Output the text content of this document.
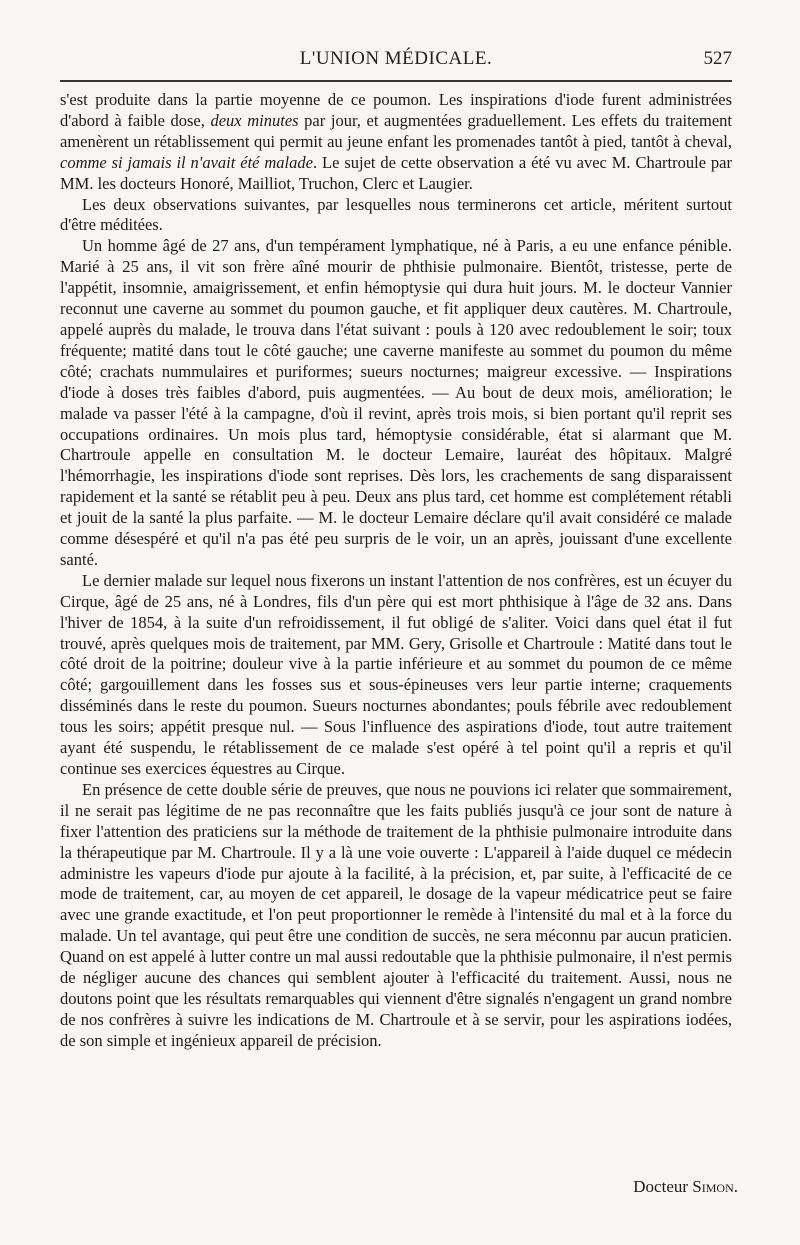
L'UNION MÉDICALE.	527

s'est produite dans la partie moyenne de ce poumon. Les inspirations d'iode furent administrées d'abord à faible dose, deux minutes par jour, et augmentées graduellement. Les effets du traitement amenèrent un rétablissement qui permit au jeune enfant les promenades tantôt à pied, tantôt à cheval, comme si jamais il n'avait été malade. Le sujet de cette observation a été vu avec M. Chartroule par MM. les docteurs Honoré, Mailliot, Truchon, Clerc et Laugier.

Les deux observations suivantes, par lesquelles nous terminerons cet article, méritent surtout d'être méditées.

Un homme âgé de 27 ans, d'un tempérament lymphatique, né à Paris, a eu une enfance pénible. Marié à 25 ans, il vit son frère aîné mourir de phthisie pulmonaire. Bientôt, tristesse, perte de l'appétit, insomnie, amaigrissement, et enfin hémoptysie qui dura huit jours. M. le docteur Vannier reconnut une caverne au sommet du poumon gauche, et fit appliquer deux cautères. M. Chartroule, appelé auprès du malade, le trouva dans l'état suivant : pouls à 120 avec redoublement le soir; toux fréquente; matité dans tout le côté gauche; une caverne manifeste au sommet du poumon du même côté; crachats nummulaires et puriformes; sueurs nocturnes; maigreur excessive. — Inspirations d'iode à doses très faibles d'abord, puis augmentées. — Au bout de deux mois, amélioration; le malade va passer l'été à la campagne, d'où il revint, après trois mois, si bien portant qu'il reprit ses occupations ordinaires. Un mois plus tard, hémoptysie considérable, état si alarmant que M. Chartroule appelle en consultation M. le docteur Lemaire, lauréat des hôpitaux. Malgré l'hémorrhagie, les inspirations d'iode sont reprises. Dès lors, les crachements de sang disparaissent rapidement et la santé se rétablit peu à peu. Deux ans plus tard, cet homme est complétement rétabli et jouit de la santé la plus parfaite. — M. le docteur Lemaire déclare qu'il avait considéré ce malade comme désespéré et qu'il n'a pas été peu surpris de le voir, un an après, jouissant d'une excellente santé.

Le dernier malade sur lequel nous fixerons un instant l'attention de nos confrères, est un écuyer du Cirque, âgé de 25 ans, né à Londres, fils d'un père qui est mort phthisique à l'âge de 32 ans. Dans l'hiver de 1854, à la suite d'un refroidissement, il fut obligé de s'aliter. Voici dans quel état il fut trouvé, après quelques mois de traitement, par MM. Gery, Grisolle et Chartroule : Matité dans tout le côté droit de la poitrine; douleur vive à la partie inférieure et au sommet du poumon de ce même côté; gargouillement dans les fosses sus et sous-épineuses vers leur partie interne; craquements disséminés dans le reste du poumon. Sueurs nocturnes abondantes; pouls fébrile avec redoublement tous les soirs; appétit presque nul. — Sous l'influence des aspirations d'iode, tout autre traitement ayant été suspendu, le rétablissement de ce malade s'est opéré à tel point qu'il a repris et qu'il continue ses exercices équestres au Cirque.

En présence de cette double série de preuves, que nous ne pouvions ici relater que sommairement, il ne serait pas légitime de ne pas reconnaître que les faits publiés jusqu'à ce jour sont de nature à fixer l'attention des praticiens sur la méthode de traitement de la phthisie pulmonaire introduite dans la thérapeutique par M. Chartroule. Il y a là une voie ouverte : L'appareil à l'aide duquel ce médecin administre les vapeurs d'iode pur ajoute à la facilité, à la précision, et, par suite, à l'efficacité de ce mode de traitement, car, au moyen de cet appareil, le dosage de la vapeur médicatrice peut se faire avec une grande exactitude, et l'on peut proportionner le remède à l'intensité du mal et à la force du malade. Un tel avantage, qui peut être une condition de succès, ne sera méconnu par aucun praticien. Quand on est appelé à lutter contre un mal aussi redoutable que la phthisie pulmonaire, il n'est permis de négliger aucune des chances qui semblent ajouter à l'efficacité du traitement. Aussi, nous ne doutons point que les résultats remarquables qui viennent d'être signalés n'engagent un grand nombre de nos confrères à suivre les indications de M. Chartroule et à se servir, pour les aspirations iodées, de son simple et ingénieux appareil de précision.

Docteur Simon.
